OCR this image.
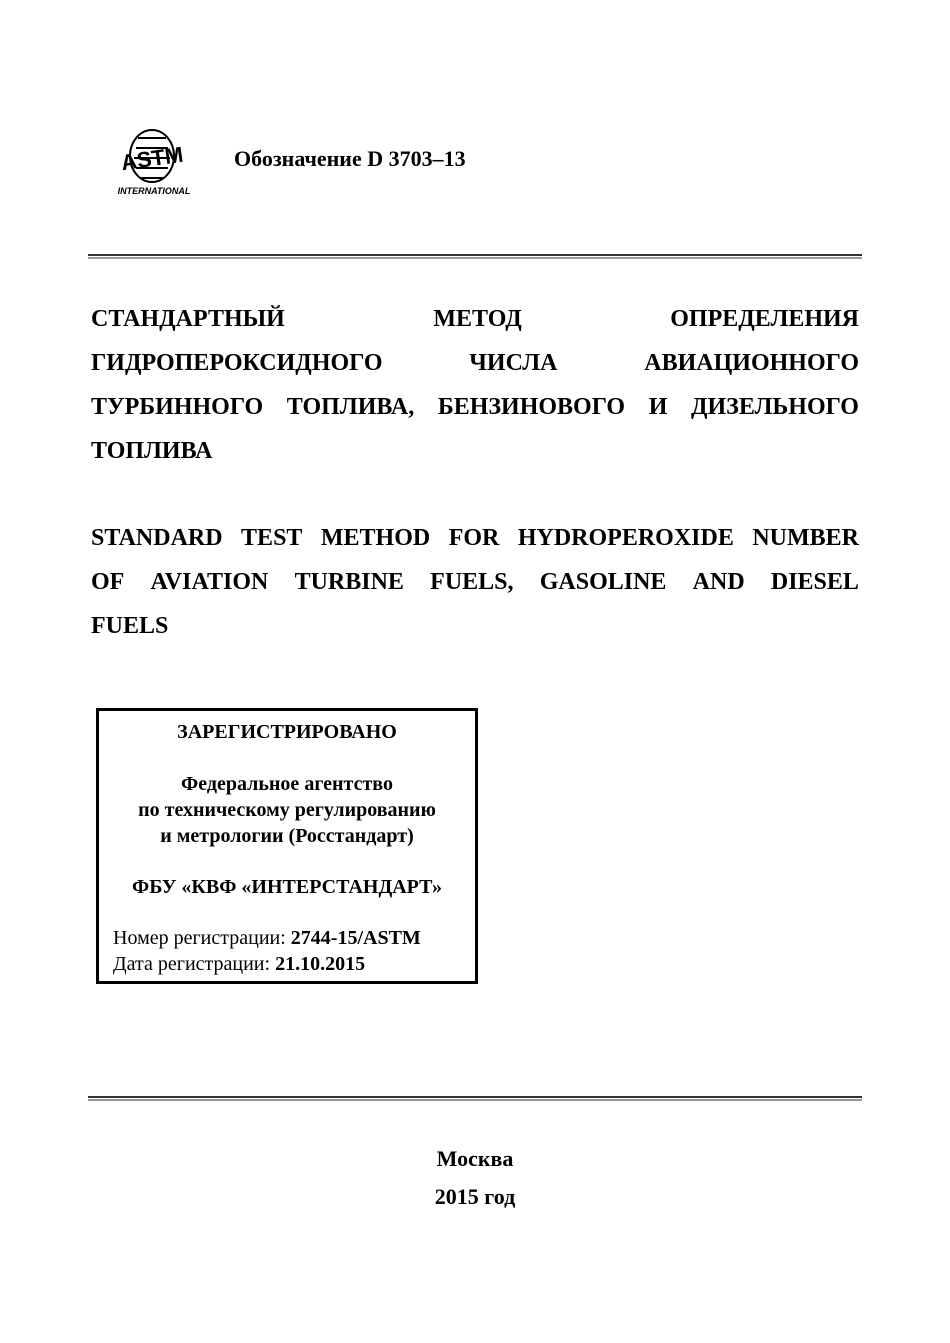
ASTM
INTERNATIONAL
Обозначение D 3703–13
СТАНДАРТНЫЙ	МЕТОД	ОПРЕДЕЛЕНИЯ
ГИДРОПЕРОКСИДНОГО	ЧИСЛА	АВИАЦИОННОГО
ТУРБИННОГО ТОПЛИВА, БЕНЗИНОВОГО И ДИЗЕЛЬНОГО
ТОПЛИВА
STANDARD TEST METHOD FOR HYDROPEROXIDE NUMBER
OF AVIATION TURBINE FUELS, GASOLINE AND DIESEL
FUELS
ЗАРЕГИСТРИРОВАНО
Федеральное агентство
по техническому регулированию
и метрологии (Росстандарт)
ФБУ «КВФ «ИНТЕРСТАНДАРТ»
Номер регистрации: 2744-15/ASTM
Дата регистрации: 21.10.2015
Москва
2015 год
